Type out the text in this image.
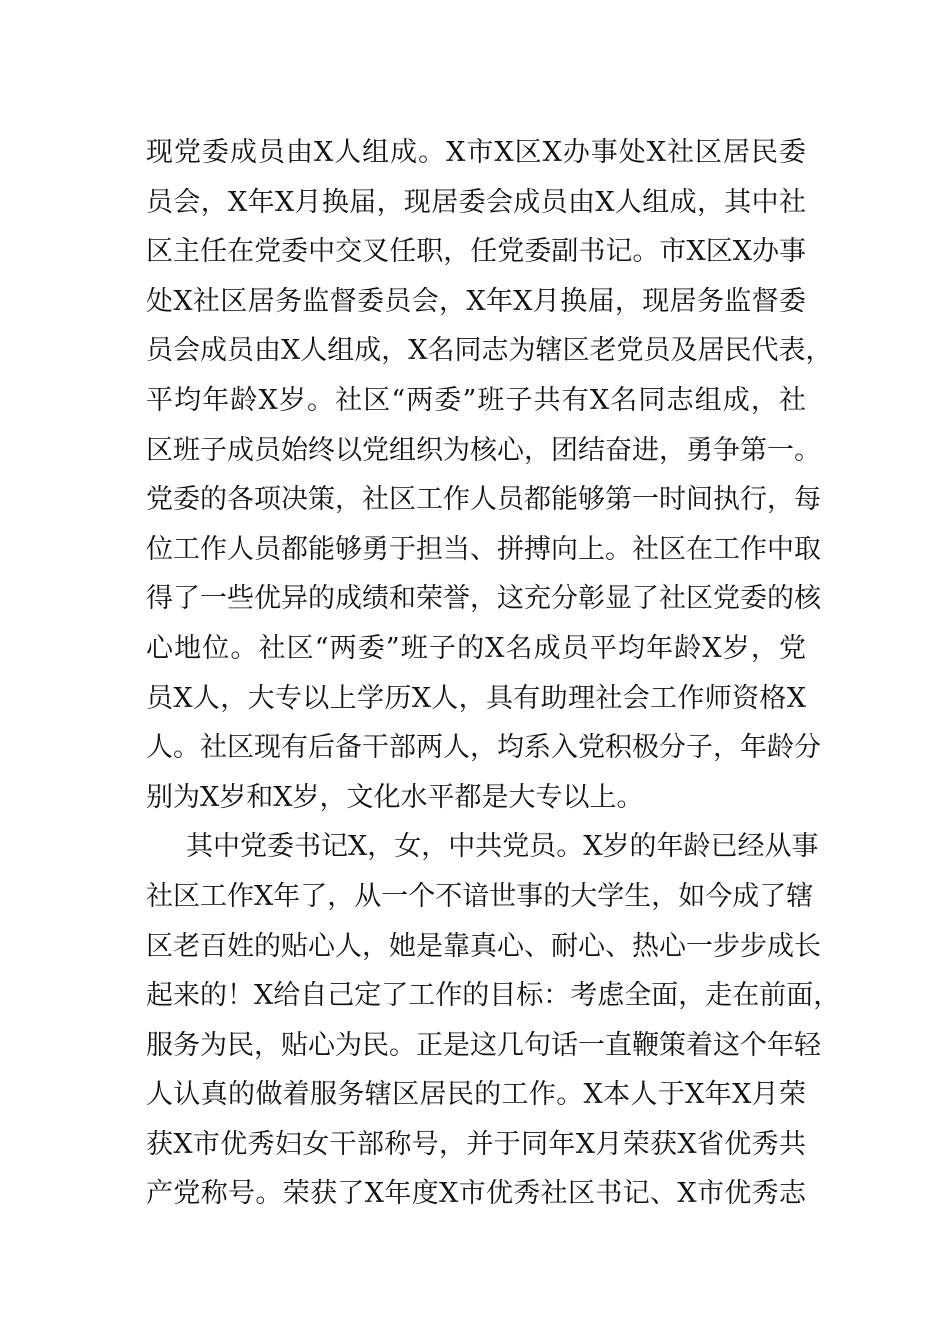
现党委成员由X人组成。X市X区X办事处X社区居民委
员会，X年X月换届，现居委会成员由X人组成，其中社
区主任在党委中交叉任职，任党委副书记。市X区X办事
处X社区居务监督委员会，X年X月换届，现居务监督委
员会成员由X人组成，X名同志为辖区老党员及居民代表，
平均年龄X岁。社区“两委”班子共有X名同志组成，社
区班子成员始终以党组织为核心，团结奋进，勇争第一。
党委的各项决策，社区工作人员都能够第一时间执行，每
位工作人员都能够勇于担当、拼搏向上。社区在工作中取
得了一些优异的成绩和荣誉，这充分彰显了社区党委的核
心地位。社区“两委”班子的X名成员平均年龄X岁，党
员X人，大专以上学历X人，具有助理社会工作师资格X
人。社区现有后备干部两人，均系入党积极分子，年龄分
别为X岁和X岁，文化水平都是大专以上。
其中党委书记X，女，中共党员。X岁的年龄已经从事
社区工作X年了，从一个不谙世事的大学生，如今成了辖
区老百姓的贴心人，她是靠真心、耐心、热心一步步成长
起来的！X给自己定了工作的目标：考虑全面，走在前面，
服务为民，贴心为民。正是这几句话一直鞭策着这个年轻
人认真的做着服务辖区居民的工作。X本人于X年X月荣
获X市优秀妇女干部称号，并于同年X月荣获X省优秀共
产党称号。荣获了X年度X市优秀社区书记、X市优秀志
